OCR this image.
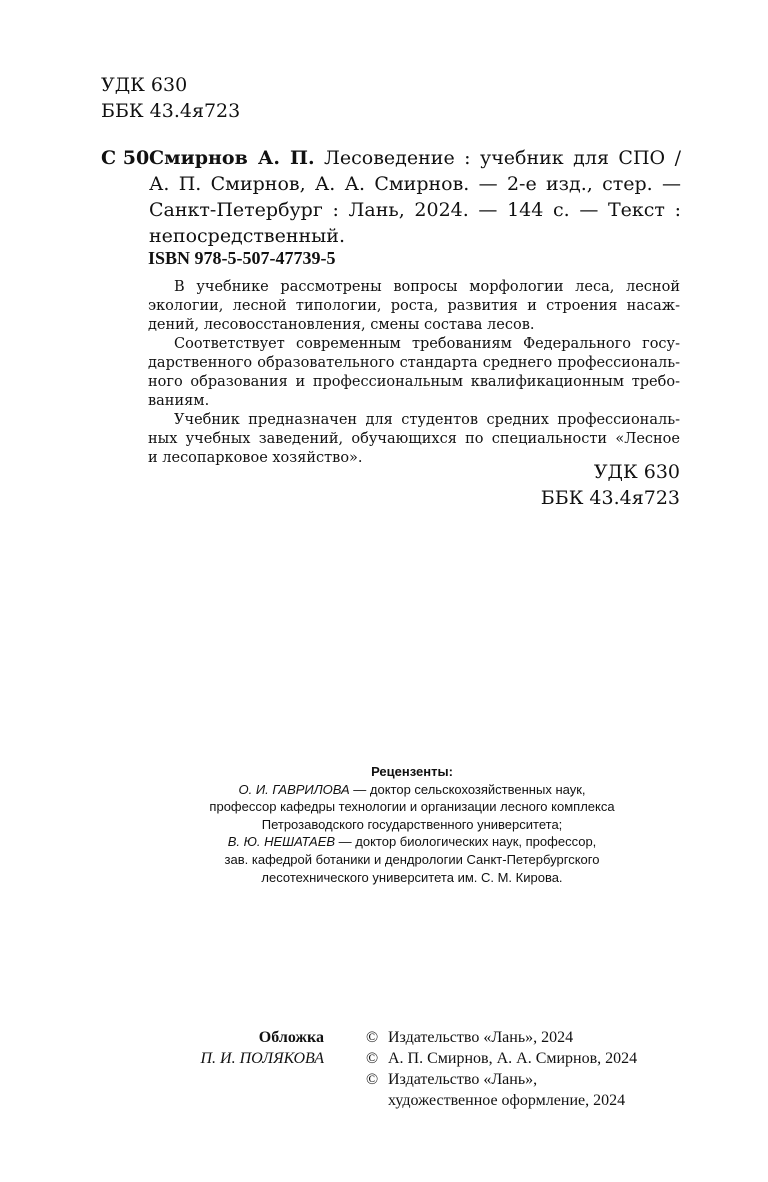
УДК 630
ББК 43.4я723
С 50 Смирнов А. П. Лесоведение : учебник для СПО /
А. П. Смирнов, А. А. Смирнов. — 2-е изд., стер. —
Санкт-Петербург : Лань, 2024. — 144 с. — Текст :
непосредственный.
ISBN 978-5-507-47739-5
В учебнике рассмотрены вопросы морфологии леса, лесной
экологии, лесной типологии, роста, развития и строения насаж-
дений, лесовосстановления, смены состава лесов.
Соответствует современным требованиям Федерального госу-
дарственного образовательного стандарта среднего профессиональ-
ного образования и профессиональным квалификационным требо-
ваниям.
Учебник предназначен для студентов средних профессиональ-
ных учебных заведений, обучающихся по специальности «Лесное
и лесопарковое хозяйство».
УДК 630
ББК 43.4я723
Рецензенты:
О. И. ГАВРИЛОВА — доктор сельскохозяйственных наук,
профессор кафедры технологии и организации лесного комплекса
Петрозаводского государственного университета;
В. Ю. НЕШАТАЕВ — доктор биологических наук, профессор,
зав. кафедрой ботаники и дендрологии Санкт-Петербургского
лесотехнического университета им. С. М. Кирова.
Обложка
П. И. ПОЛЯКОВА
© Издательство «Лань», 2024
© А. П. Смирнов, А. А. Смирнов, 2024
© Издательство «Лань»,
художественное оформление, 2024
